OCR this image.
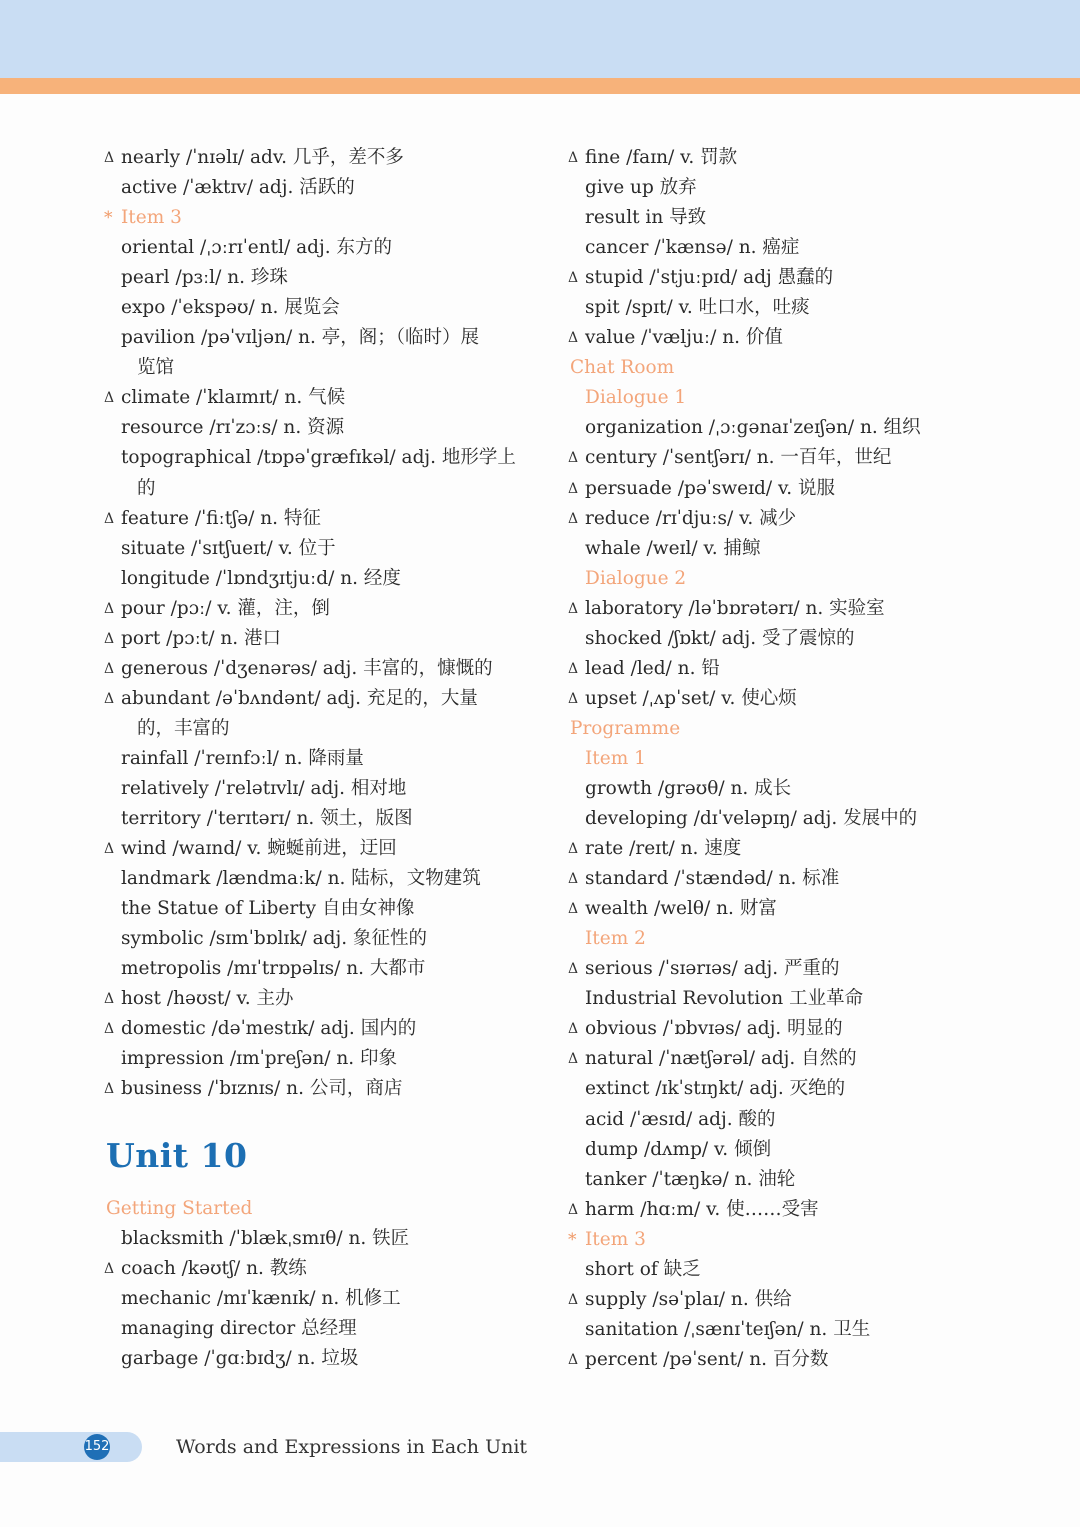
Δ nearly /ˈnɪəlɪ/ adv. 几乎，差不多
active /ˈæktɪv/ adj. 活跃的
* Item 3
oriental /ˌɔːrɪˈentl/ adj. 东方的
pearl /pɜːl/ n. 珍珠
expo /ˈekspəʊ/ n. 展览会
pavilion /pəˈvɪljən/ n. 亭，阁；（临时）展
览馆
Δ climate /ˈklaɪmɪt/ n. 气候
resource /rɪˈzɔːs/ n. 资源
topographical /tɒpəˈgræfɪkəl/ adj. 地形学上
的
Δ feature /ˈfiːtʃə/ n. 特征
situate /ˈsɪtʃueɪt/ v. 位于
longitude /ˈlɒndʒɪtjuːd/ n. 经度
Δ pour /pɔː/ v. 灌，注，倒
Δ port /pɔːt/ n. 港口
Δ generous /ˈdʒenərəs/ adj. 丰富的，慷慨的
Δ abundant /əˈbʌndənt/ adj. 充足的，大量
的，丰富的
rainfall /ˈreɪnfɔːl/ n. 降雨量
relatively /ˈrelətɪvlɪ/ adj. 相对地
territory /ˈterɪtərɪ/ n. 领土，版图
Δ wind /waɪnd/ v. 蜿蜒前进，迂回
landmark /lændmaːk/ n. 陆标，文物建筑
the Statue of Liberty 自由女神像
symbolic /sɪmˈbɒlɪk/ adj. 象征性的
metropolis /mɪˈtrɒpəlɪs/ n. 大都市
Δ host /həʊst/ v. 主办
Δ domestic /dəˈmestɪk/ adj. 国内的
impression /ɪmˈpreʃən/ n. 印象
Δ business /ˈbɪznɪs/ n. 公司，商店
Unit 10
Getting Started
blacksmith /ˈblækˌsmɪθ/ n. 铁匠
Δ coach /kəʊtʃ/ n. 教练
mechanic /mɪˈkænɪk/ n. 机修工
managing director 总经理
garbage /ˈgɑːbɪdʒ/ n. 垃圾
Δ fine /faɪn/ v. 罚款
give up 放弃
result in 导致
cancer /ˈkænsə/ n. 癌症
Δ stupid /ˈstjuːpɪd/ adj 愚蠢的
spit /spɪt/ v. 吐口水，吐痰
Δ value /ˈvæljuː/ n. 价值
Chat Room
Dialogue 1
organization /ˌɔːgənaɪˈzeɪʃən/ n. 组织
Δ century /ˈsentʃərɪ/ n. 一百年，世纪
Δ persuade /pəˈsweɪd/ v. 说服
Δ reduce /rɪˈdjuːs/ v. 减少
whale /weɪl/ v. 捕鲸
Dialogue 2
Δ laboratory /ləˈbɒrətərɪ/ n. 实验室
shocked /ʃɒkt/ adj. 受了震惊的
Δ lead /led/ n. 铅
Δ upset /ˌʌpˈset/ v. 使心烦
Programme
Item 1
growth /grəʊθ/ n. 成长
developing /dɪˈveləpɪŋ/ adj. 发展中的
Δ rate /reɪt/ n. 速度
Δ standard /ˈstændəd/ n. 标准
Δ wealth /welθ/ n. 财富
Item 2
Δ serious /ˈsɪərɪəs/ adj. 严重的
Industrial Revolution 工业革命
Δ obvious /ˈɒbvɪəs/ adj. 明显的
Δ natural /ˈnætʃərəl/ adj. 自然的
extinct /ɪkˈstɪŋkt/ adj. 灭绝的
acid /ˈæsɪd/ adj. 酸的
dump /dʌmp/ v. 倾倒
tanker /ˈtæŋkə/ n. 油轮
Δ harm /hɑːm/ v. 使……受害
* Item 3
short of 缺乏
Δ supply /səˈplaɪ/ n. 供给
sanitation /ˌsænɪˈteɪʃən/ n. 卫生
Δ percent /pəˈsent/ n. 百分数
152	Words and Expressions in Each Unit
